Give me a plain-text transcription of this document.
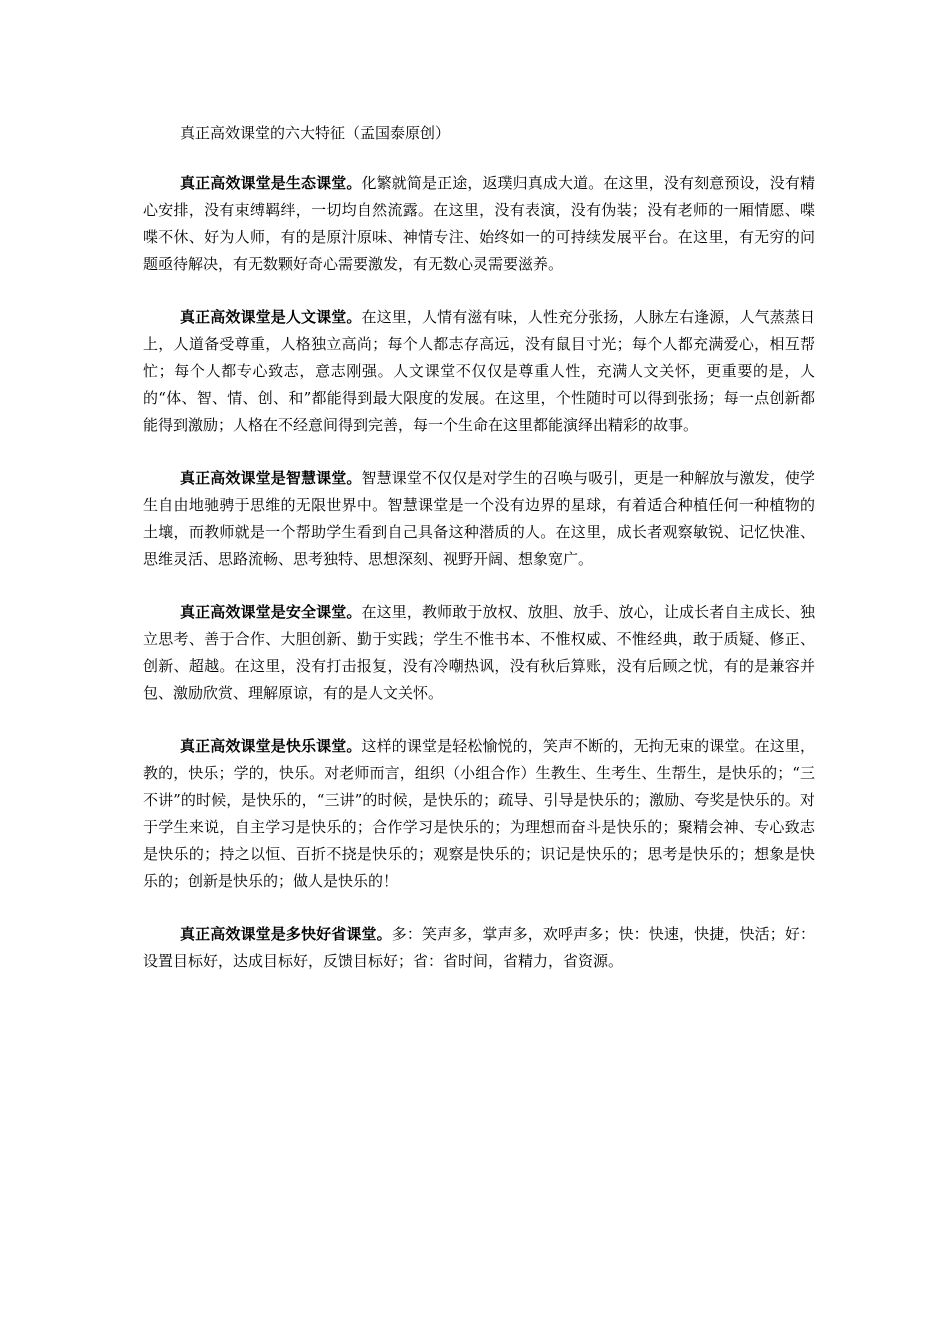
真正高效课堂的六大特征（孟国泰原创）

真正高效课堂是生态课堂。化繁就简是正途，返璞归真成大道。在这里，没有刻意预设，没有精心安排，没有束缚羁绊，一切均自然流露。在这里，没有表演，没有伪装；没有老师的一厢情愿、喋喋不休、好为人师，有的是原汁原味、神情专注、始终如一的可持续发展平台。在这里，有无穷的问题亟待解决，有无数颗好奇心需要激发，有无数心灵需要滋养。

真正高效课堂是人文课堂。在这里，人情有滋有味，人性充分张扬，人脉左右逢源，人气蒸蒸日上，人道备受尊重，人格独立高尚；每个人都志存高远，没有鼠目寸光；每个人都充满爱心，相互帮忙；每个人都专心致志，意志刚强。人文课堂不仅仅是尊重人性，充满人文关怀，更重要的是，人的“体、智、情、创、和”都能得到最大限度的发展。在这里，个性随时可以得到张扬；每一点创新都能得到激励；人格在不经意间得到完善，每一个生命在这里都能演绎出精彩的故事。

真正高效课堂是智慧课堂。智慧课堂不仅仅是对学生的召唤与吸引，更是一种解放与激发，使学生自由地驰骋于思维的无限世界中。智慧课堂是一个没有边界的星球，有着适合种植任何一种植物的土壤，而教师就是一个帮助学生看到自己具备这种潜质的人。在这里，成长者观察敏锐、记忆快准、思维灵活、思路流畅、思考独特、思想深刻、视野开阔、想象宽广。

真正高效课堂是安全课堂。在这里，教师敢于放权、放胆、放手、放心，让成长者自主成长、独立思考、善于合作、大胆创新、勤于实践；学生不惟书本、不惟权威、不惟经典，敢于质疑、修正、创新、超越。在这里，没有打击报复，没有冷嘲热讽，没有秋后算账，没有后顾之忧，有的是兼容并包、激励欣赏、理解原谅，有的是人文关怀。

真正高效课堂是快乐课堂。这样的课堂是轻松愉悦的，笑声不断的，无拘无束的课堂。在这里，教的，快乐；学的，快乐。对老师而言，组织（小组合作）生教生、生考生、生帮生，是快乐的；“三不讲”的时候，是快乐的，“三讲”的时候，是快乐的；疏导、引导是快乐的；激励、夸奖是快乐的。对于学生来说，自主学习是快乐的；合作学习是快乐的；为理想而奋斗是快乐的；聚精会神、专心致志是快乐的；持之以恒、百折不挠是快乐的；观察是快乐的；识记是快乐的；思考是快乐的；想象是快乐的；创新是快乐的；做人是快乐的！

真正高效课堂是多快好省课堂。多：笑声多，掌声多，欢呼声多；快：快速，快捷，快活；好：设置目标好，达成目标好，反馈目标好；省：省时间，省精力，省资源。
